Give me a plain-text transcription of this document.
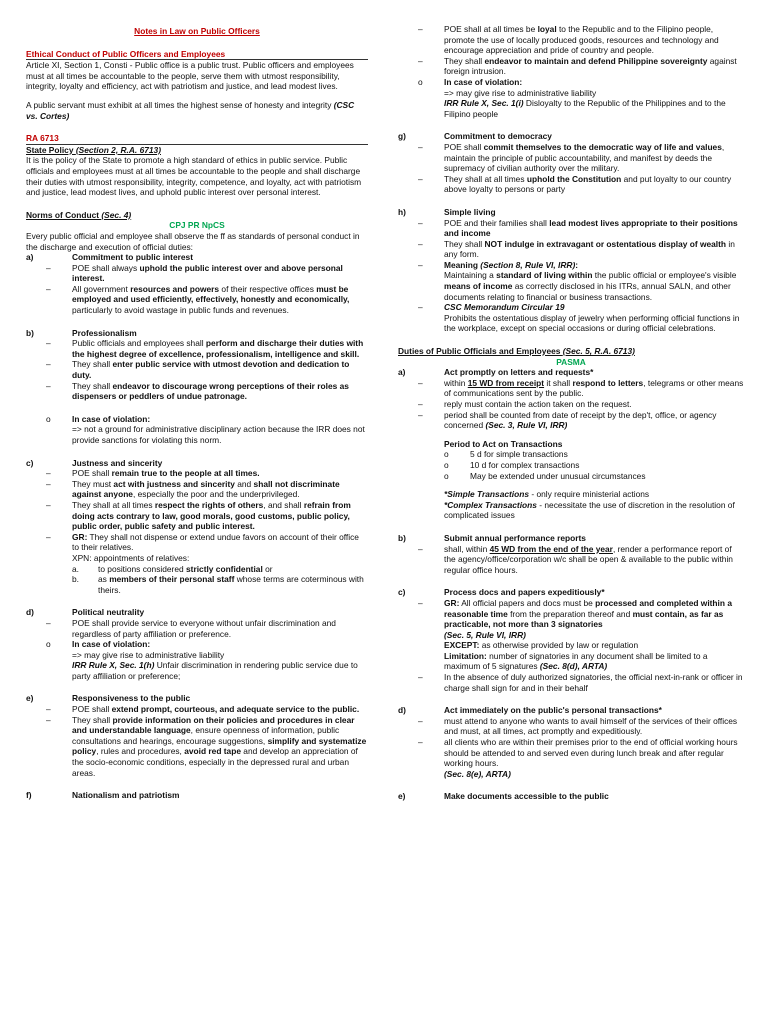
Notes in Law on Public Officers
Ethical Conduct of Public Officers and Employees

Article XI, Section 1, Consti - Public office is a public trust. Public officers and employees must at all times be accountable to the people, serve them with utmost responsibility, integrity, loyalty and efficiency, act with patriotism and justice, and lead modest lives.

A public servant must exhibit at all times the highest sense of honesty and integrity (CSC vs. Cortes)

RA 6713
State Policy (Section 2, R.A. 6713)

It is the policy of the State to promote a high standard of ethics in public service. Public officials and employees must at all times be accountable to the people and shall discharge their duties with utmost responsibility, integrity, competence, and loyalty, act with patriotism and justice, lead modest lives, and uphold public interest over personal interest.

Norms of Conduct (Sec. 4)
CPJ PR NpCS

Every public official and employee shall observe the ff as standards of personal conduct in the discharge and execution of official duties:

a)	Commitment to public interest
–	POE shall always uphold the public interest over and above personal interest.
–	All government resources and powers of their respective offices must be employed and used efficiently, effectively, honestly and economically, particularly to avoid wastage in public funds and revenues.
b)	Professionalism
–	Public officials and employees shall perform and discharge their duties with the highest degree of excellence, professionalism, intelligence and skill.
–	They shall enter public service with utmost devotion and dedication to duty.
–	They shall endeavor to discourage wrong perceptions of their roles as dispensers or peddlers of undue patronage.
o	In case of violation:
=> not a ground for administrative disciplinary action because the IRR does not provide sanctions for violating this norm.
c)	Justness and sincerity
–	POE shall remain true to the people at all times.
–	They must act with justness and sincerity and shall not discriminate against anyone, especially the poor and the underprivileged.
–	They shall at all times respect the rights of others, and shall refrain from doing acts contrary to law, good morals, good customs, public policy, public order, public safety and public interest.
–	GR: They shall not dispense or extend undue favors on account of their office to their relatives.
XPN: appointments of relatives:
a.	to positions considered strictly confidential or
b.	as members of their personal staff whose terms are coterminous with theirs.
d)	Political neutrality
–	POE shall provide service to everyone without unfair discrimination and regardless of party affiliation or preference.
o	In case of violation:
=> may give rise to administrative liability
IRR Rule X, Sec. 1(h) Unfair discrimination in rendering public service due to party affiliation or preference;
e)	Responsiveness to the public
–	POE shall extend prompt, courteous, and adequate service to the public.
–	They shall provide information on their policies and procedures in clear and understandable language, ensure openness of information, public consultations and hearings, encourage suggestions, simplify and systematize policy, rules and procedures, avoid red tape and develop an appreciation of the socio-economic conditions, especially in the depressed rural and urban areas.
f)	Nationalism and patriotism
–	POE shall at all times be loyal to the Republic and to the Filipino people, promote the use of locally produced goods, resources and technology and encourage appreciation and pride of country and people.
–	They shall endeavor to maintain and defend Philippine sovereignty against foreign intrusion.
o	In case of violation:
=> may give rise to administrative liability
IRR Rule X, Sec. 1(i) Disloyalty to the Republic of the Philippines and to the Filipino people
g)	Commitment to democracy
–	POE shall commit themselves to the democratic way of life and values, maintain the principle of public accountability, and manifest by deeds the supremacy of civilian authority over the military.
–	They shall at all times uphold the Constitution and put loyalty to our country above loyalty to persons or party
h)	Simple living
–	POE and their families shall lead modest lives appropriate to their positions and income
–	They shall NOT indulge in extravagant or ostentatious display of wealth in any form.
–	Meaning (Section 8, Rule VI, IRR):
Maintaining a standard of living within the public official or employee's visible means of income as correctly disclosed in his ITRs, annual SALN, and other documents relating to financial or business transactions.
–	CSC Memorandum Circular 19
Prohibits the ostentatious display of jewelry when performing official functions in the workplace, except on special occasions or during official celebrations.
Duties of Public Officials and Employees (Sec. 5, R.A. 6713)
PASMA
a)	Act promptly on letters and requests*
–	within 15 WD from receipt it shall respond to letters, telegrams or other means of communications sent by the public.
–	reply must contain the action taken on the request.
–	period shall be counted from date of receipt by the dep't, office, or agency concerned (Sec. 3, Rule VI, IRR)
Period to Act on Transactions
o	5 d for simple transactions
o	10 d for complex transactions
o	May be extended under unusual circumstances
*Simple Transactions - only require ministerial actions
*Complex Transactions - necessitate the use of discretion in the resolution of complicated issues
b)	Submit annual performance reports
–	shall, within 45 WD from the end of the year, render a performance report of the agency/office/corporation w/c shall be open & available to the public within regular office hours.
c)	Process docs and papers expeditiously*
–	GR: All official papers and docs must be processed and completed within a reasonable time from the preparation thereof and must contain, as far as practicable, not more than 3 signatories
(Sec. 5, Rule VI, IRR)
EXCEPT: as otherwise provided by law or regulation
Limitation: number of signatories in any document shall be limited to a maximum of 5 signatures (Sec. 8(d), ARTA)
–	In the absence of duly authorized signatories, the official next-in-rank or officer in charge shall sign for and in their behalf
d)	Act immediately on the public's personal transactions*
–	must attend to anyone who wants to avail himself of the services of their offices and must, at all times, act promptly and expeditiously.
–	all clients who are within their premises prior to the end of official working hours should be attended to and served even during lunch break and after regular working hours.
(Sec. 8(e), ARTA)
e)	Make documents accessible to the public
